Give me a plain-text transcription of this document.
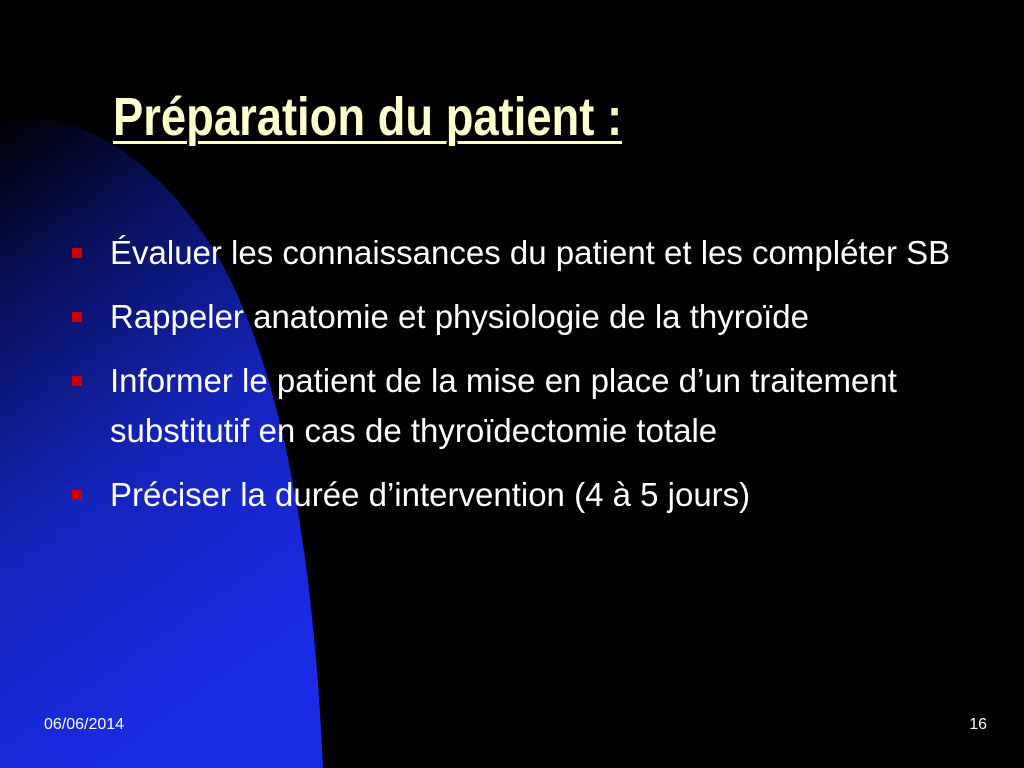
Préparation du patient :
Évaluer les connaissances du patient et les compléter SB
Rappeler anatomie et physiologie de la thyroïde
Informer le patient de la mise en place d’un traitement substitutif en cas de thyroïdectomie totale
Préciser la durée d’intervention (4 à 5 jours)
06/06/2014	16
